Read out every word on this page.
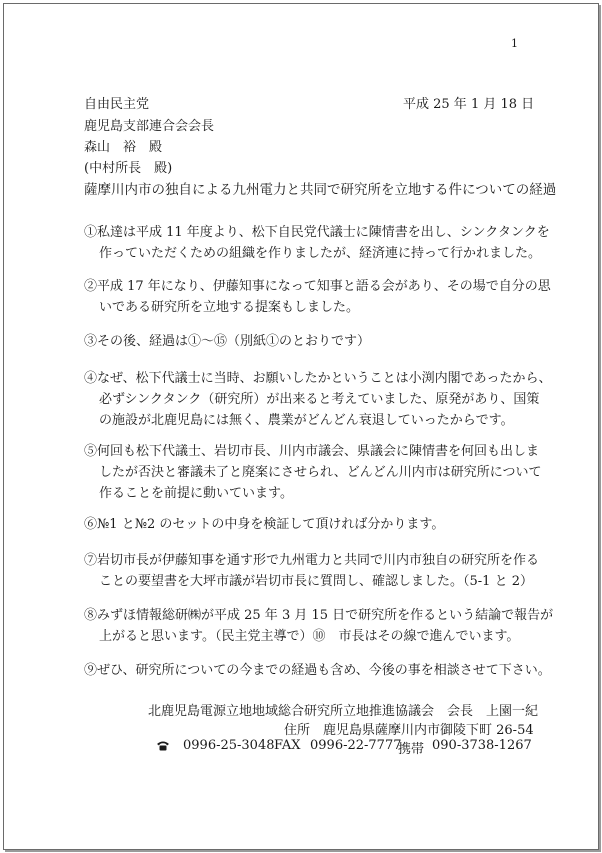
1
自由民主党
鹿児島支部連合会会長
森山　裕　殿
(中村所長　殿)
平成 25 年 1 月 18 日
薩摩川内市の独自による九州電力と共同で研究所を立地する件についての経過
①私達は平成 11 年度より、松下自民党代議士に陳情書を出し、シンクタンクを
作っていただくための組織を作りましたが、経済連に持って行かれました。
②平成 17 年になり、伊藤知事になって知事と語る会があり、その場で自分の思
いである研究所を立地する提案もしました。
③その後、経過は①～⑮（別紙①のとおりです）
④なぜ、松下代議士に当時、お願いしたかということは小渕内閣であったから、
必ずシンクタンク（研究所）が出来ると考えていました、原発があり、国策
の施設が北鹿児島には無く、農業がどんどん衰退していったからです。
⑤何回も松下代議士、岩切市長、川内市議会、県議会に陳情書を何回も出しま
したが否決と審議未了と廃案にさせられ、どんどん川内市は研究所について
作ることを前提に動いています。
⑥№1 と№2 のセットの中身を検証して頂ければ分かります。
⑦岩切市長が伊藤知事を通す形で九州電力と共同で川内市独自の研究所を作る
ことの要望書を大坪市議が岩切市長に質問し、確認しました。（5-1 と 2）
⑧みずほ情報総研㈱が平成 25 年 3 月 15 日で研究所を作るという結論で報告が
上がると思います。（民主党主導で）⑩　市長はその線で進んでいます。
⑨ぜひ、研究所についての今までの経過も含め、今後の事を相談させて下さい。
北鹿児島電源立地地域総合研究所立地推進協議会　会長　上園一紀
住所　鹿児島県薩摩川内市御陵下町 26-54
0996-25-3048 FAX 0996-22-7777
携帯 090-3738-1267
